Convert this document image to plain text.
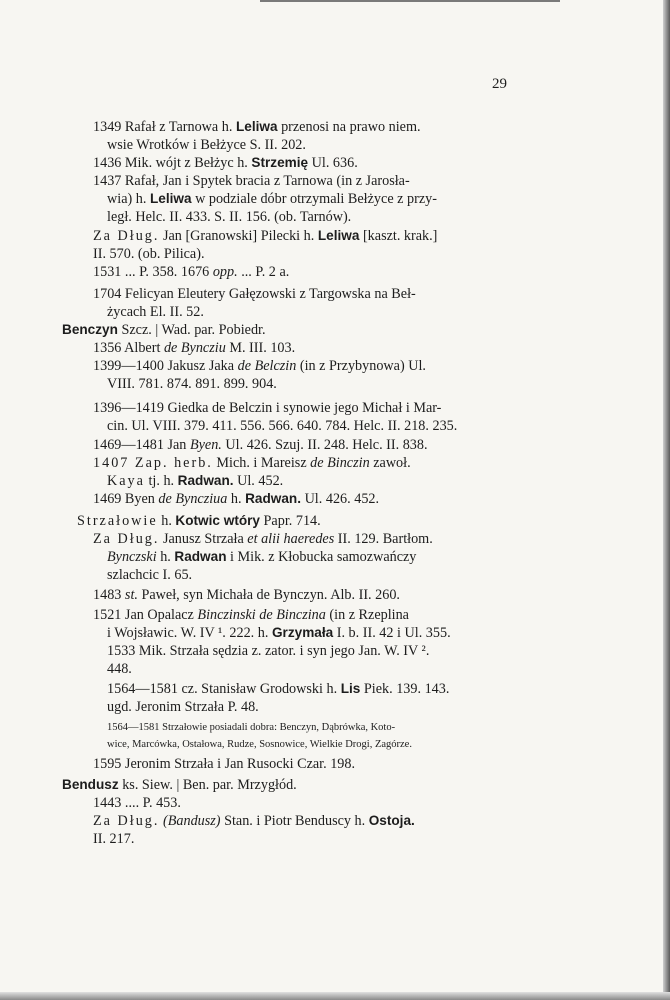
29
1349 Rafał z Tarnowa h. Leliwa przenosi na prawo niem.
wsie Wrotków i Bełżyce S. II. 202.
1436 Mik. wójt z Bełżyc h. Strzemię Ul. 636.
1437 Rafał, Jan i Spytek bracia z Tarnowa (in z Jarosła-
wia) h. Leliwa w podziale dóbr otrzymali Bełżyce z przy-
legł. Helc. II. 433. S. II. 156. (ob. Tarnów).
Za Dług. Jan [Granowski] Pilecki h. Leliwa [kaszt. krak.]
II. 570. (ob. Pilica).
1531 ... P. 358. 1676 opp. ... P. 2 a.
1704 Felicyan Eleutery Gałęzowski z Targowska na Beł-
życach El. II. 52.
Benczyn Szcz. | Wad. par. Pobiedr.
1356 Albert de Byncziu M. III. 103.
1399—1400 Jakusz Jaka de Belczin (in z Przybynowa) Ul.
VIII. 781. 874. 891. 899. 904.
1396—1419 Giedka de Belczin i synowie jego Michał i Mar-
cin. Ul. VIII. 379. 411. 556. 566. 640. 784. Helc. II. 218. 235.
1469—1481 Jan Byen. Ul. 426. Szuj. II. 248. Helc. II. 838.
1407 Zap. herb. Mich. i Mareisz de Binczin zawoł.
Kaya tj. h. Radwan. Ul. 452.
1469 Byen de Byncziua h. Radwan. Ul. 426. 452.
Strzałowie h. Kotwic wtóry Papr. 714.
Za Dług. Janusz Strzała et alii haeredes II. 129. Bartłom.
Bynczski h. Radwan i Mik. z Kłobucka samozwańczy
szlachcic I. 65.
1483 st. Paweł, syn Michała de Bynczyn. Alb. II. 260.
1521 Jan Opalacz Binczinski de Binczina (in z Rzeplina
i Wojsławic. W. IV ¹. 222. h. Grzymała I. b. II. 42 i Ul. 355.
1533 Mik. Strzała sędzia z. zator. i syn jego Jan. W. IV ².
448.
1564—1581 cz. Stanisław Grodowski h. Lis Piek. 139. 143.
ugd. Jeronim Strzała P. 48.
1564—1581 Strzałowie posiadali dobra: Benczyn, Dąbrówka, Koto-
wice, Marcówka, Ostałowa, Rudze, Sosnowice, Wielkie Drogi, Zagórze.
1595 Jeronim Strzała i Jan Rusocki Czar. 198.
Bendusz ks. Siew. | Ben. par. Mrzygłód.
1443 .... P. 453.
Za Dług. (Bandusz) Stan. i Piotr Benduscy h. Ostoja.
II. 217.
